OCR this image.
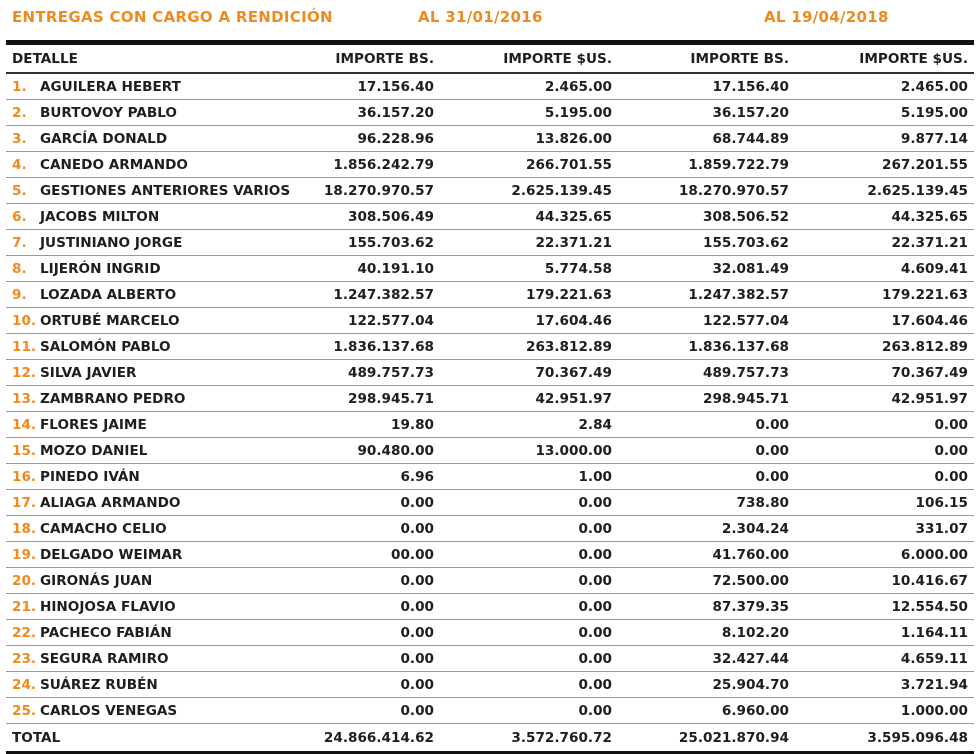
ENTREGAS CON CARGO A RENDICIÓN	AL 31/01/2016	AL 19/04/2018
DETALLE	IMPORTE BS.	IMPORTE $US.	IMPORTE BS.	IMPORTE $US.
1. AGUILERA HEBERT	17.156.40	2.465.00	17.156.40	2.465.00
2. BURTOVOY PABLO	36.157.20	5.195.00	36.157.20	5.195.00
3. GARCÍA DONALD	96.228.96	13.826.00	68.744.89	9.877.14
4. CANEDO ARMANDO	1.856.242.79	266.701.55	1.859.722.79	267.201.55
5. GESTIONES ANTERIORES VARIOS	18.270.970.57	2.625.139.45	18.270.970.57	2.625.139.45
6. JACOBS MILTON	308.506.49	44.325.65	308.506.52	44.325.65
7. JUSTINIANO JORGE	155.703.62	22.371.21	155.703.62	22.371.21
8. LIJERÓN INGRID	40.191.10	5.774.58	32.081.49	4.609.41
9. LOZADA ALBERTO	1.247.382.57	179.221.63	1.247.382.57	179.221.63
10. ORTUBÉ MARCELO	122.577.04	17.604.46	122.577.04	17.604.46
11. SALOMÓN PABLO	1.836.137.68	263.812.89	1.836.137.68	263.812.89
12. SILVA JAVIER	489.757.73	70.367.49	489.757.73	70.367.49
13. ZAMBRANO PEDRO	298.945.71	42.951.97	298.945.71	42.951.97
14. FLORES JAIME	19.80	2.84	0.00	0.00
15. MOZO DANIEL	90.480.00	13.000.00	0.00	0.00
16. PINEDO IVÁN	6.96	1.00	0.00	0.00
17. ALIAGA ARMANDO	0.00	0.00	738.80	106.15
18. CAMACHO CELIO	0.00	0.00	2.304.24	331.07
19. DELGADO WEIMAR	00.00	0.00	41.760.00	6.000.00
20. GIRONÁS JUAN	0.00	0.00	72.500.00	10.416.67
21. HINOJOSA FLAVIO	0.00	0.00	87.379.35	12.554.50
22. PACHECO FABIÁN	0.00	0.00	8.102.20	1.164.11
23. SEGURA RAMIRO	0.00	0.00	32.427.44	4.659.11
24. SUÁREZ RUBÉN	0.00	0.00	25.904.70	3.721.94
25. CARLOS VENEGAS	0.00	0.00	6.960.00	1.000.00
TOTAL	24.866.414.62	3.572.760.72	25.021.870.94	3.595.096.48
